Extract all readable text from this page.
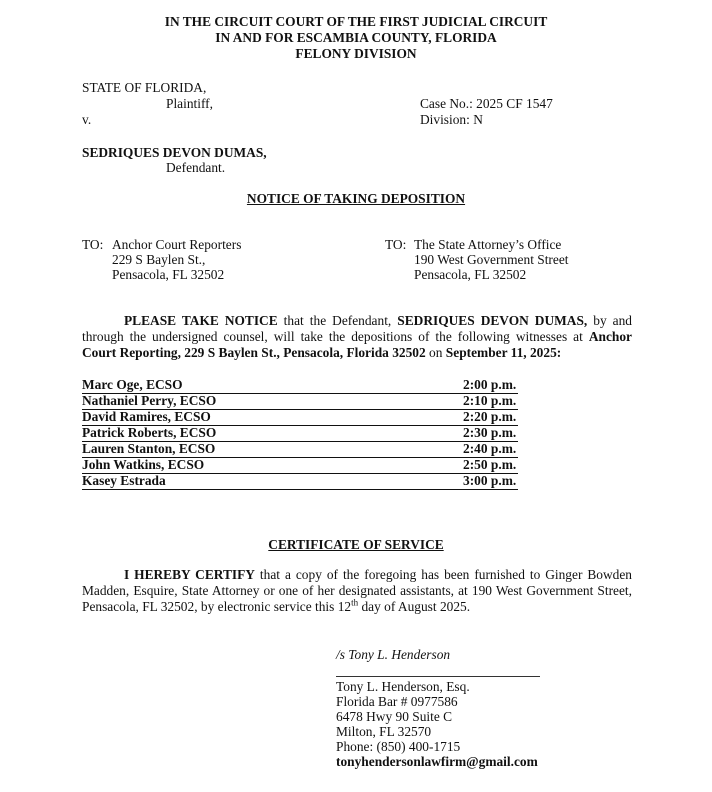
IN THE CIRCUIT COURT OF THE FIRST JUDICIAL CIRCUIT
IN AND FOR ESCAMBIA COUNTY, FLORIDA
FELONY DIVISION
STATE OF FLORIDA,
Plaintiff,	Case No.: 2025 CF 1547
v.	Division: N
SEDRIQUES DEVON DUMAS,
Defendant.
NOTICE OF TAKING DEPOSITION
TO: Anchor Court Reporters
229 S Baylen St.,
Pensacola, FL 32502
TO: The State Attorney’s Office
190 West Government Street
Pensacola, FL 32502
PLEASE TAKE NOTICE that the Defendant, SEDRIQUES DEVON DUMAS, by and through the undersigned counsel, will take the depositions of the following witnesses at Anchor Court Reporting, 229 S Baylen St., Pensacola, Florida 32502 on September 11, 2025:
Marc Oge, ECSO	2:00 p.m.
Nathaniel Perry, ECSO	2:10 p.m.
David Ramires, ECSO	2:20 p.m.
Patrick Roberts, ECSO	2:30 p.m.
Lauren Stanton, ECSO	2:40 p.m.
John Watkins, ECSO	2:50 p.m.
Kasey Estrada	3:00 p.m.
CERTIFICATE OF SERVICE
I HEREBY CERTIFY that a copy of the foregoing has been furnished to Ginger Bowden Madden, Esquire, State Attorney or one of her designated assistants, at 190 West Government Street, Pensacola, FL 32502, by electronic service this 12th day of August 2025.
/s Tony L. Henderson
Tony L. Henderson, Esq.
Florida Bar # 0977586
6478 Hwy 90 Suite C
Milton, FL 32570
Phone: (850) 400-1715
tonyhendersonlawfirm@gmail.com
